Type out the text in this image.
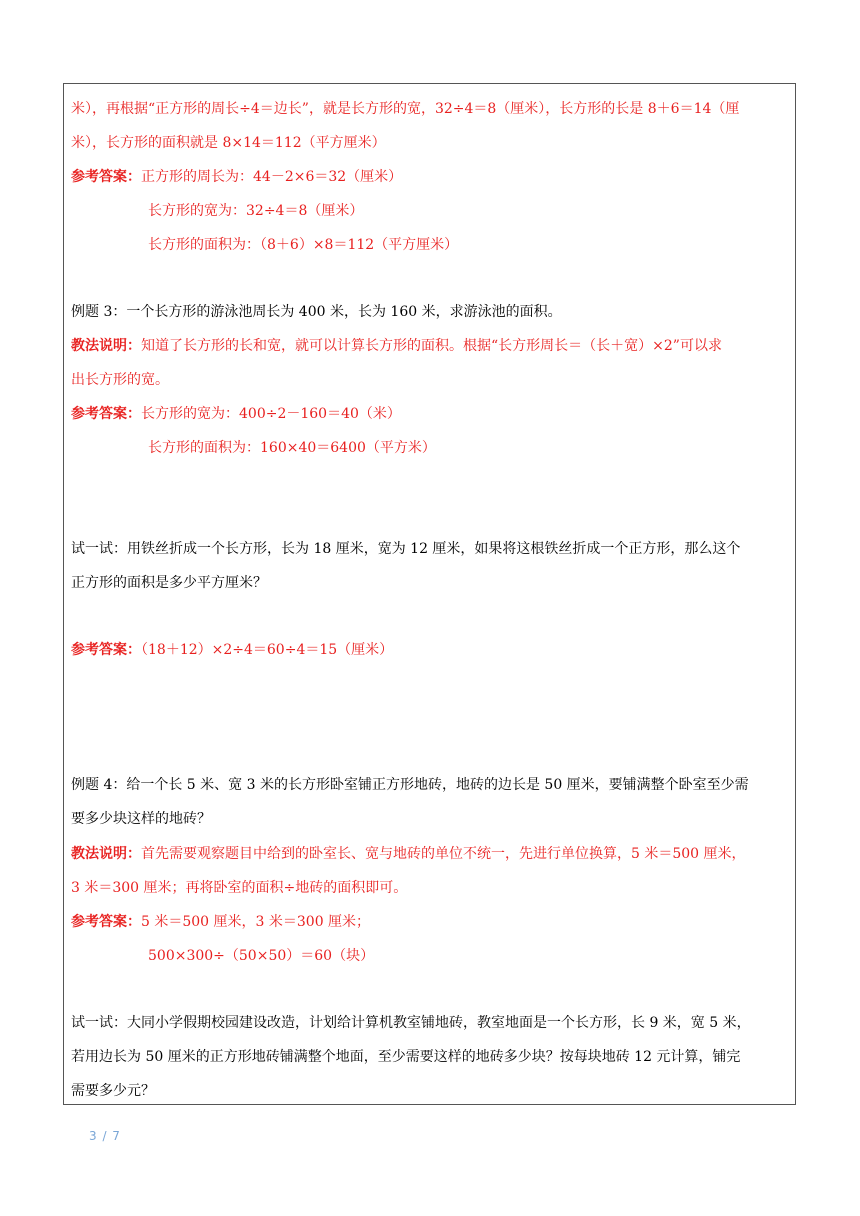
米），再根据“正方形的周长÷4＝边长”，就是长方形的宽，32÷4＝8（厘米），长方形的长是 8＋6＝14（厘
米），长方形的面积就是 8×14＝112（平方厘米）
参考答案：正方形的周长为：44－2×6＝32（厘米）
长方形的宽为：32÷4＝8（厘米）
长方形的面积为：（8＋6）×8＝112（平方厘米）
例题 3：一个长方形的游泳池周长为 400 米，长为 160 米，求游泳池的面积。
教法说明：知道了长方形的长和宽，就可以计算长方形的面积。根据“长方形周长＝（长＋宽）×2”可以求
出长方形的宽。
参考答案：长方形的宽为：400÷2－160＝40（米）
长方形的面积为：160×40＝6400（平方米）
试一试：用铁丝折成一个长方形，长为 18 厘米，宽为 12 厘米，如果将这根铁丝折成一个正方形，那么这个
正方形的面积是多少平方厘米？
参考答案：（18＋12）×2÷4＝60÷4＝15（厘米）
例题 4：给一个长 5 米、宽 3 米的长方形卧室铺正方形地砖，地砖的边长是 50 厘米，要铺满整个卧室至少需
要多少块这样的地砖？
教法说明：首先需要观察题目中给到的卧室长、宽与地砖的单位不统一，先进行单位换算，5 米＝500 厘米，
3 米＝300 厘米；再将卧室的面积÷地砖的面积即可。
参考答案：5 米＝500 厘米，3 米＝300 厘米；
500×300÷（50×50）＝60（块）
试一试：大同小学假期校园建设改造，计划给计算机教室铺地砖，教室地面是一个长方形，长 9 米，宽 5 米，
若用边长为 50 厘米的正方形地砖铺满整个地面，至少需要这样的地砖多少块？按每块地砖 12 元计算，铺完
需要多少元？
3 / 7
